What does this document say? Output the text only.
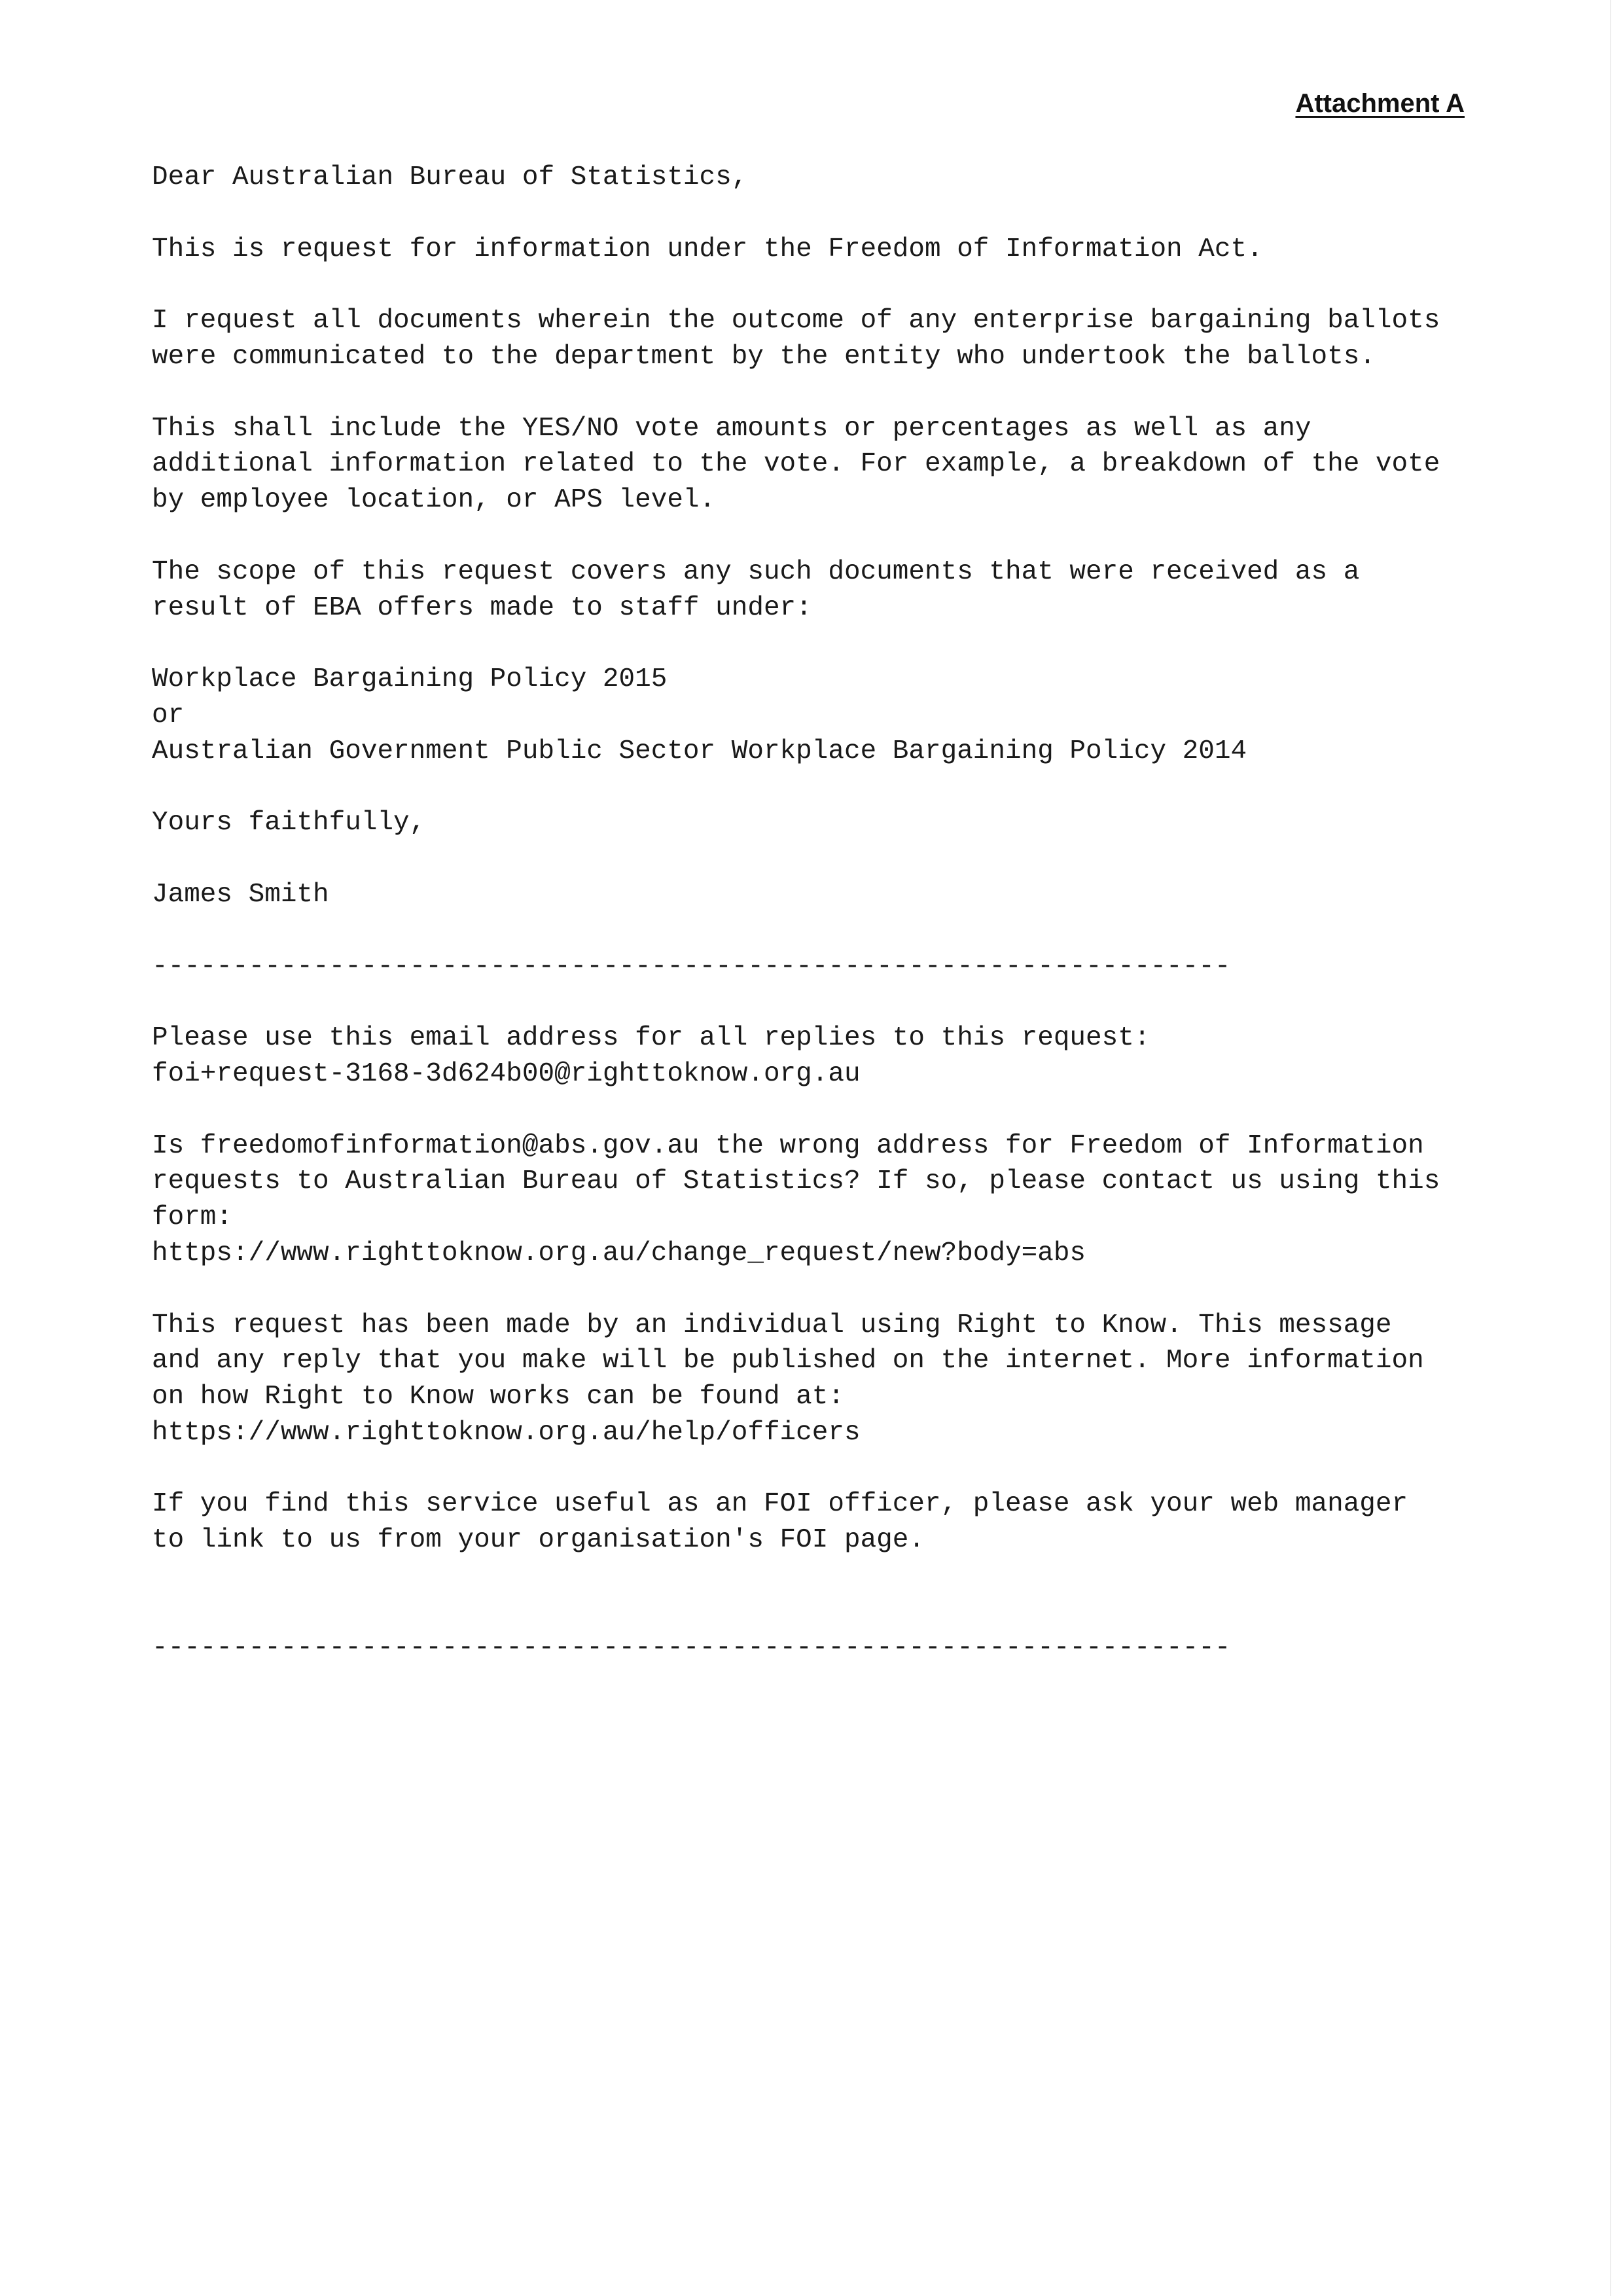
Attachment A
Dear Australian Bureau of Statistics,
This is request for information under the Freedom of Information Act.
I request all documents wherein the outcome of any enterprise bargaining ballots
were communicated to the department by the entity who undertook the ballots.
This shall include the YES/NO vote amounts or percentages as well as any
additional information related to the vote. For example, a breakdown of the vote
by employee location, or APS level.
The scope of this request covers any such documents that were received as a
result of EBA offers made to staff under:
Workplace Bargaining Policy 2015
or
Australian Government Public Sector Workplace Bargaining Policy 2014
Yours faithfully,
James Smith
-------------------------------------------------------------------
Please use this email address for all replies to this request:
foi+request-3168-3d624b00@righttoknow.org.au
Is freedomofinformation@abs.gov.au the wrong address for Freedom of Information
requests to Australian Bureau of Statistics? If so, please contact us using this
form:
https://www.righttoknow.org.au/change_request/new?body=abs
This request has been made by an individual using Right to Know. This message
and any reply that you make will be published on the internet. More information
on how Right to Know works can be found at:
https://www.righttoknow.org.au/help/officers
If you find this service useful as an FOI officer, please ask your web manager
to link to us from your organisation's FOI page.
-------------------------------------------------------------------
